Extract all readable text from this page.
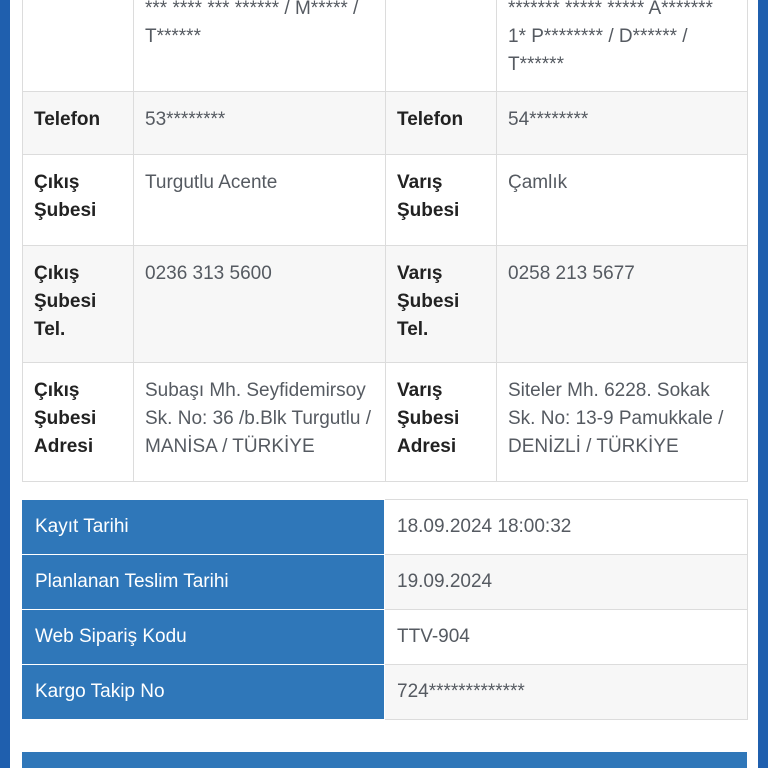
	*** **** *** ****** / M***** / T******		******* ***** ***** A******* 1* P******** / D****** / T******
Telefon	53********	Telefon	54********
Çıkış Şubesi	Turgutlu Acente	Varış Şubesi	Çamlık
Çıkış Şubesi Tel.	0236 313 5600	Varış Şubesi Tel.	0258 213 5677
Çıkış Şubesi Adresi	Subaşı Mh. Seyfidemirsoy Sk. No: 36 /b.Blk Turgutlu / MANİSA / TÜRKİYE	Varış Şubesi Adresi	Siteler Mh. 6228. Sokak Sk. No: 13-9 Pamukkale / DENİZLİ / TÜRKİYE
Kayıt Tarihi	18.09.2024 18:00:32
Planlanan Teslim Tarihi	19.09.2024
Web Sipariş Kodu	TTV-904
Kargo Takip No	724*************
